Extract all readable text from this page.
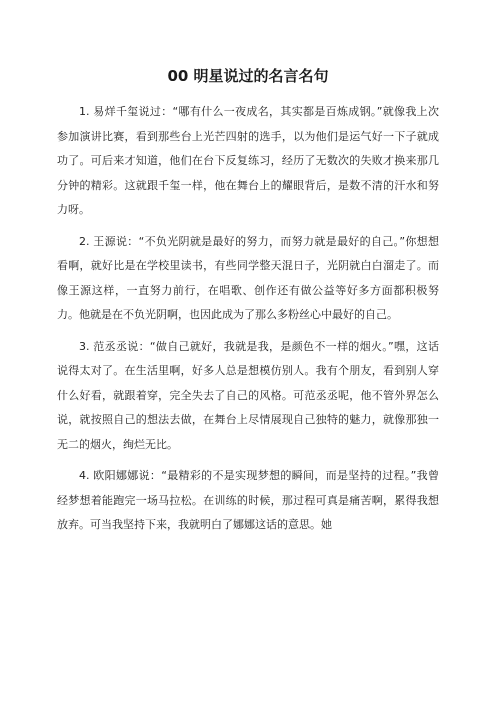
00 明星说过的名言名句

1. 易烊千玺说过：“哪有什么一夜成名，其实都是百炼成钢。”就像我上次参加演讲比赛，看到那些台上光芒四射的选手，以为他们是运气好一下子就成功了。可后来才知道，他们在台下反复练习，经历了无数次的失败才换来那几分钟的精彩。这就跟千玺一样，他在舞台上的耀眼背后，是数不清的汗水和努力呀。

2. 王源说：“不负光阴就是最好的努力，而努力就是最好的自己。”你想想看啊，就好比是在学校里读书，有些同学整天混日子，光阴就白白溜走了。而像王源这样，一直努力前行，在唱歌、创作还有做公益等好多方面都积极努力。他就是在不负光阴啊，也因此成为了那么多粉丝心中最好的自己。

3. 范丞丞说：“做自己就好，我就是我，是颜色不一样的烟火。”嘿，这话说得太对了。在生活里啊，好多人总是想模仿别人。我有个朋友，看到别人穿什么好看，就跟着穿，完全失去了自己的风格。可范丞丞呢，他不管外界怎么说，就按照自己的想法去做，在舞台上尽情展现自己独特的魅力，就像那独一无二的烟火，绚烂无比。

4. 欧阳娜娜说：“最精彩的不是实现梦想的瞬间，而是坚持的过程。”我曾经梦想着能跑完一场马拉松。在训练的时候，那过程可真是痛苦啊，累得我想放弃。可当我坚持下来，我就明白了娜娜这话的意思。她
